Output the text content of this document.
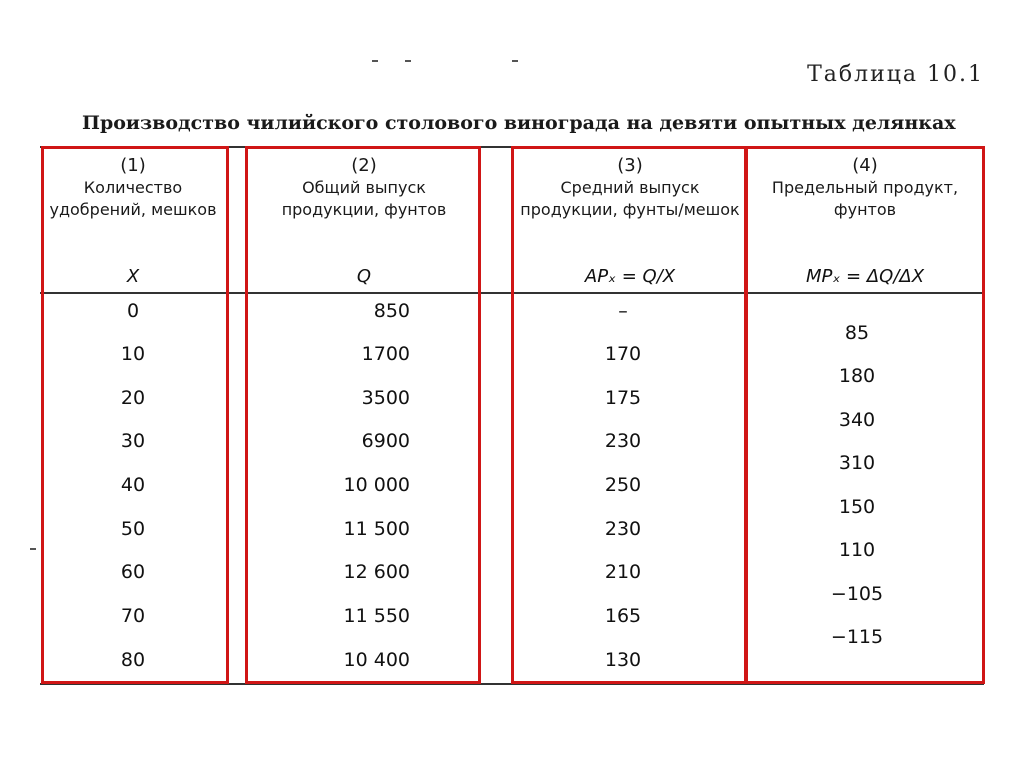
Таблица 10.1
Производство чилийского столового винограда на девяти опытных делянках
(1)
Количество удобрений, мешков
X
(2)
Общий выпуск продукции, фунтов
Q
(3)
Средний выпуск продукции, фунты/мешок
APₓ = Q/X
(4)
Предельный продукт, фунтов
MPₓ = ΔQ/ΔX
0
10
20
30
40
50
60
70
80
850
1700
3500
6900
10 000
11 500
12 600
11 550
10 400
–
170
175
230
250
230
210
165
130
85
180
340
310
150
110
−105
−115
